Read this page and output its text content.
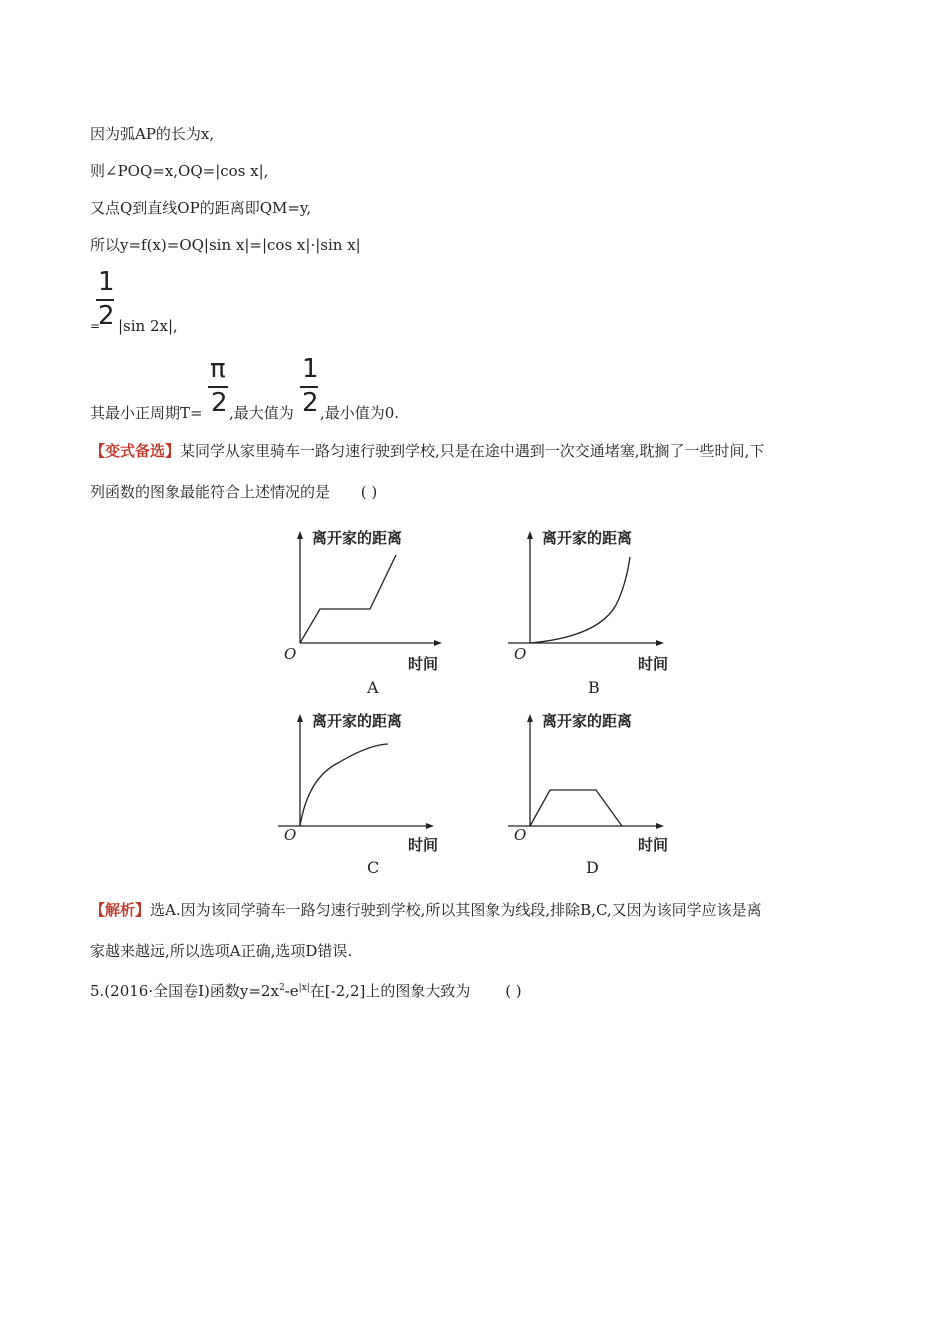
因为弧AP的长为x,
则∠POQ=x,OQ=|cos x|,
又点Q到直线OP的距离即QM=y,
所以y=f(x)=OQ|sin x|=|cos x|·|sin x|
1
2
= |sin 2x|,
π
2
1
2
其最小正周期T= ,最大值为 ,最小值为0.
【变式备选】某同学从家里骑车一路匀速行驶到学校,只是在途中遇到一次交通堵塞,耽搁了一些时间,下
列函数的图象最能符合上述情况的是 ( )
离开家的距离
时间
O
A
离开家的距离
时间
O
B
离开家的距离
时间
O
C
离开家的距离
时间
O
D
【解析】选A.因为该同学骑车一路匀速行驶到学校,所以其图象为线段,排除B,C,又因为该同学应该是离
家越来越远,所以选项A正确,选项D错误.
5.(2016·全国卷Ⅰ)函数$y=2x^2-e^{|x|}$在[-2,2]上的图象大致为 ( )
